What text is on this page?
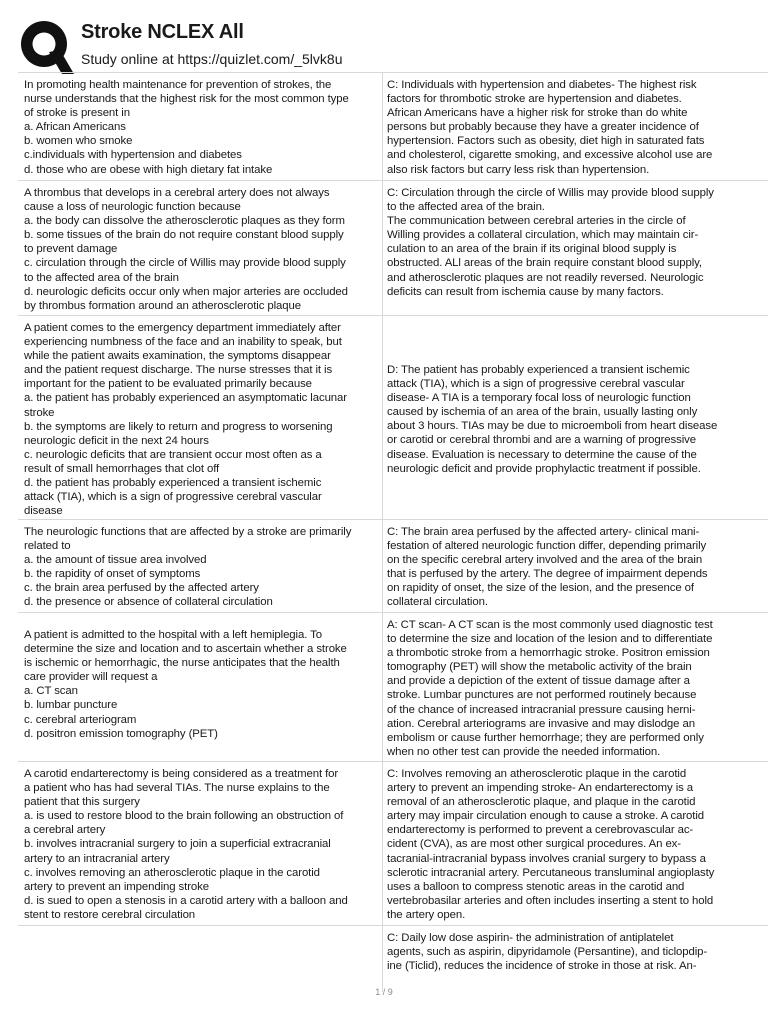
Stroke NCLEX All
Study online at https://quizlet.com/_5lvk8u
In promoting health maintenance for prevention of strokes, the
nurse understands that the highest risk for the most common type
of stroke is present in
a. African Americans
b. women who smoke
c.individuals with hypertension and diabetes
d. those who are obese with high dietary fat intake
C: Individuals with hypertension and diabetes- The highest risk
factors for thrombotic stroke are hypertension and diabetes.
African Americans have a higher risk for stroke than do white
persons but probably because they have a greater incidence of
hypertension. Factors such as obesity, diet high in saturated fats
and cholesterol, cigarette smoking, and excessive alcohol use are
also risk factors but carry less risk than hypertension.
A thrombus that develops in a cerebral artery does not always
cause a loss of neurologic function because
a. the body can dissolve the atherosclerotic plaques as they form
b. some tissues of the brain do not require constant blood supply
to prevent damage
c. circulation through the circle of Willis may provide blood supply
to the affected area of the brain
d. neurologic deficits occur only when major arteries are occluded
by thrombus formation around an atherosclerotic plaque
C: Circulation through the circle of Willis may provide blood supply
to the affected area of the brain.
The communication between cerebral arteries in the circle of
Willing provides a collateral circulation, which may maintain cir-
culation to an area of the brain if its original blood supply is
obstructed. ALl areas of the brain require constant blood supply,
and atherosclerotic plaques are not readily reversed. Neurologic
deficits can result from ischemia cause by many factors.
A patient comes to the emergency department immediately after
experiencing numbness of the face and an inability to speak, but
while the patient awaits examination, the symptoms disappear
and the patient request discharge. The nurse stresses that it is
important for the patient to be evaluated primarily because
a. the patient has probably experienced an asymptomatic lacunar
stroke
b. the symptoms are likely to return and progress to worsening
neurologic deficit in the next 24 hours
c. neurologic deficits that are transient occur most often as a
result of small hemorrhages that clot off
d. the patient has probably experienced a transient ischemic
attack (TIA), which is a sign of progressive cerebral vascular
disease
D: The patient has probably experienced a transient ischemic
attack (TIA), which is a sign of progressive cerebral vascular
disease- A TIA is a temporary focal loss of neurologic function
caused by ischemia of an area of the brain, usually lasting only
about 3 hours. TIAs may be due to microemboli from heart disease
or carotid or cerebral thrombi and are a warning of progressive
disease. Evaluation is necessary to determine the cause of the
neurologic deficit and provide prophylactic treatment if possible.
The neurologic functions that are affected by a stroke are primarily
related to
a. the amount of tissue area involved
b. the rapidity of onset of symptoms
c. the brain area perfused by the affected artery
d. the presence or absence of collateral circulation
C: The brain area perfused by the affected artery- clinical mani-
festation of altered neurologic function differ, depending primarily
on the specific cerebral artery involved and the area of the brain
that is perfused by the artery. The degree of impairment depends
on rapidity of onset, the size of the lesion, and the presence of
collateral circulation.
A patient is admitted to the hospital with a left hemiplegia. To
determine the size and location and to ascertain whether a stroke
is ischemic or hemorrhagic, the nurse anticipates that the health
care provider will request a
a. CT scan
b. lumbar puncture
c. cerebral arteriogram
d. positron emission tomography (PET)
A: CT scan- A CT scan is the most commonly used diagnostic test
to determine the size and location of the lesion and to differentiate
a thrombotic stroke from a hemorrhagic stroke. Positron emission
tomography (PET) will show the metabolic activity of the brain
and provide a depiction of the extent of tissue damage after a
stroke. Lumbar punctures are not performed routinely because
of the chance of increased intracranial pressure causing herni-
ation. Cerebral arteriograms are invasive and may dislodge an
embolism or cause further hemorrhage; they are performed only
when no other test can provide the needed information.
A carotid endarterectomy is being considered as a treatment for
a patient who has had several TIAs. The nurse explains to the
patient that this surgery
a. is used to restore blood to the brain following an obstruction of
a cerebral artery
b. involves intracranial surgery to join a superficial extracranial
artery to an intracranial artery
c. involves removing an atherosclerotic plaque in the carotid
artery to prevent an impending stroke
d. is sued to open a stenosis in a carotid artery with a balloon and
stent to restore cerebral circulation
C: Involves removing an atherosclerotic plaque in the carotid
artery to prevent an impending stroke- An endarterectomy is a
removal of an atherosclerotic plaque, and plaque in the carotid
artery may impair circulation enough to cause a stroke. A carotid
endarterectomy is performed to prevent a cerebrovascular ac-
cident (CVA), as are most other surgical procedures. An ex-
tacranial-intracranial bypass involves cranial surgery to bypass a
sclerotic intracranial artery. Percutaneous transluminal angioplasty
uses a balloon to compress stenotic areas in the carotid and
vertebrobasilar arteries and often includes inserting a stent to hold
the artery open.
C: Daily low dose aspirin- the administration of antiplatelet
agents, such as aspirin, dipyridamole (Persantine), and ticlopdip-
ine (Ticlid), reduces the incidence of stroke in those at risk. An-
1 / 9
